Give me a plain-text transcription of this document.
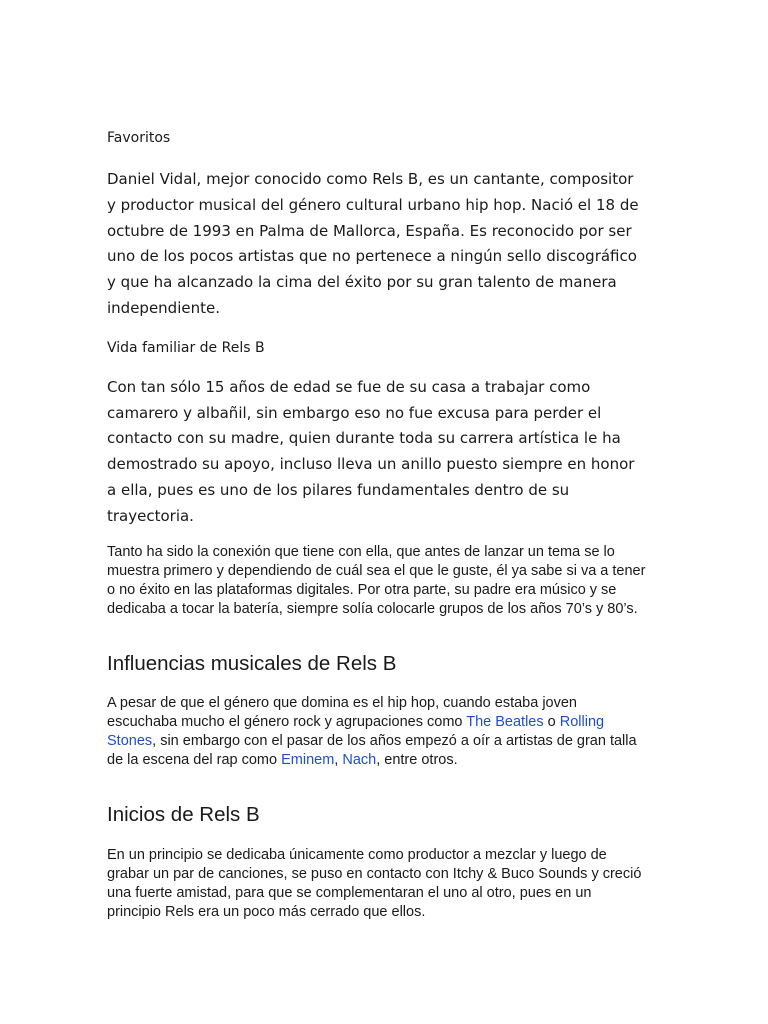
Favoritos

Daniel Vidal, mejor conocido como Rels B, es un cantante, compositor y productor musical del género cultural urbano hip hop. Nació el 18 de octubre de 1993 en Palma de Mallorca, España. Es reconocido por ser uno de los pocos artistas que no pertenece a ningún sello discográfico y que ha alcanzado la cima del éxito por su gran talento de manera independiente.

Vida familiar de Rels B

Con tan sólo 15 años de edad se fue de su casa a trabajar como camarero y albañil, sin embargo eso no fue excusa para perder el contacto con su madre, quien durante toda su carrera artística le ha demostrado su apoyo, incluso lleva un anillo puesto siempre en honor a ella, pues es uno de los pilares fundamentales dentro de su trayectoria.

Tanto ha sido la conexión que tiene con ella, que antes de lanzar un tema se lo muestra primero y dependiendo de cuál sea el que le guste, él ya sabe si va a tener o no éxito en las plataformas digitales. Por otra parte, su padre era músico y se dedicaba a tocar la batería, siempre solía colocarle grupos de los años 70’s y 80’s.

Influencias musicales de Rels B

A pesar de que el género que domina es el hip hop, cuando estaba joven escuchaba mucho el género rock y agrupaciones como The Beatles o Rolling Stones, sin embargo con el pasar de los años empezó a oír a artistas de gran talla de la escena del rap como Eminem, Nach, entre otros.

Inicios de Rels B

En un principio se dedicaba únicamente como productor a mezclar y luego de grabar un par de canciones, se puso en contacto con Itchy & Buco Sounds y creció una fuerte amistad, para que se complementaran el uno al otro, pues en un principio Rels era un poco más cerrado que ellos.
